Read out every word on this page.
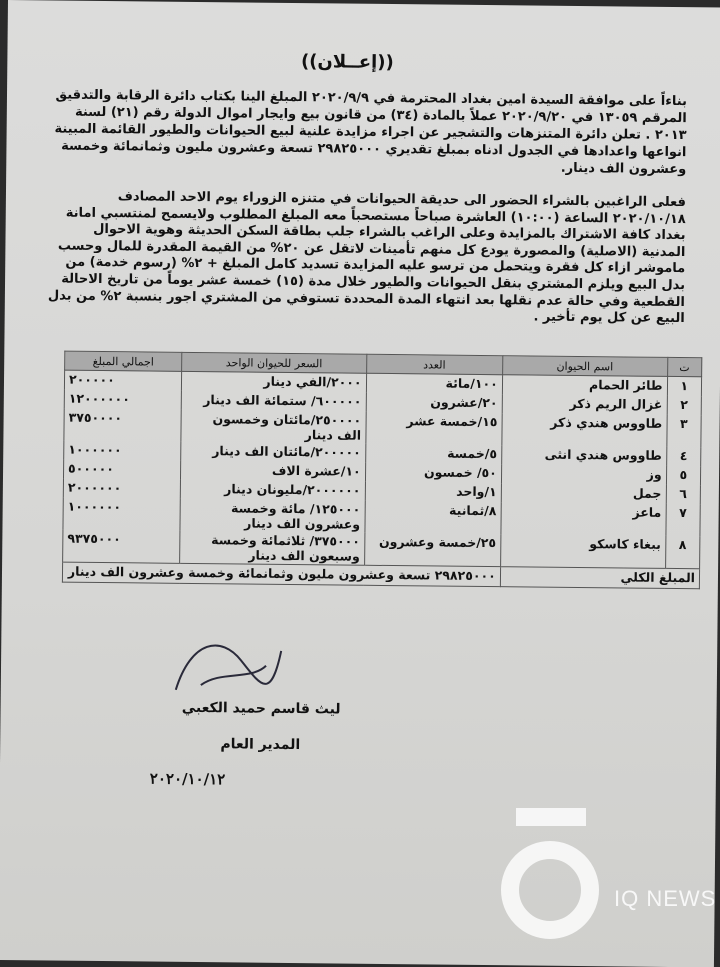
((إعــلان))
بناءاً على موافقة السيدة امين بغداد المحترمة في ٢٠٢٠/٩/٩ المبلغ الينا بكتاب دائرة الرقابة والتدقيق المرقم ١٣٠٥٩ في ٢٠٢٠/٩/٢٠ عملاً بالمادة (٣٤) من قانون بيع وايجار اموال الدولة رقم (٢١) لسنة ٢٠١٣ . تعلن دائرة المتنزهات والتشجير عن اجراء مزايدة علنية لبيع الحيوانات والطيور القائمة المبينة انواعها واعدادها في الجدول ادناه بمبلغ تقديري ٢٩٨٢٥٠٠٠ تسعة وعشرون مليون وثمانمائة وخمسة وعشرون الف دينار.
فعلى الراغبين بالشراء الحضور الى حديقة الحيوانات في متنزه الزوراء يوم الاحد المصادف ٢٠٢٠/١٠/١٨ الساعة (١٠:٠٠) العاشرة صباحاً مستصحباً معه المبلغ المطلوب ولايسمح لمنتسبي امانة بغداد كافة الاشتراك بالمزايدة وعلى الراغب بالشراء جلب بطاقة السكن الحديثة وهوية الاحوال المدنية (الاصلية) والمصورة يودع كل منهم تأمينات لاتقل عن ٢٠% من القيمة المقدرة للمال وحسب ماموشر ازاء كل فقرة ويتحمل من ترسو عليه المزايدة تسديد كامل المبلغ + ٢% (رسوم خدمة) من بدل البيع ويلزم المشتري بنقل الحيوانات والطيور خلال مدة (١٥) خمسة عشر يوماً من تاريخ الاحالة القطعية وفي حالة عدم نقلها بعد انتهاء المدة المحددة تستوفي من المشتري اجور بنسبة ٢% من بدل البيع عن كل يوم تأخير .
ت	اسم الحيوان	العدد	السعر للحيوان الواحد	اجمالي المبلغ
١	طائر الحمام	١٠٠/مائة	٢٠٠٠/الفي دينار	٢٠٠٠٠٠
٢	غزال الريم ذكر	٢٠/عشرون	٦٠٠٠٠٠/ ستمائة الف دينار	١٢٠٠٠٠٠٠
٣	طاووس هندي ذكر	١٥/خمسة عشر	٢٥٠٠٠٠/مائتان وخمسون الف دينار	٣٧٥٠٠٠٠
٤	طاووس هندي انثى	٥/خمسة	٢٠٠٠٠٠/مائتان الف دينار	١٠٠٠٠٠٠
٥	وز	٥٠/ خمسون	١٠/عشرة الاف	٥٠٠٠٠٠
٦	جمل	١/واحد	٢٠٠٠٠٠٠/مليونان دينار	٢٠٠٠٠٠٠
٧	ماعز	٨/ثمانية	١٢٥٠٠٠/ مائة وخمسة وعشرون الف دينار	١٠٠٠٠٠٠
٨	ببغاء كاسكو	٢٥/خمسة وعشرون	٣٧٥٠٠٠/ ثلاثمائة وخمسة وسبعون الف دينار	٩٣٧٥٠٠٠
المبلغ الكلي		٢٩٨٢٥٠٠٠ تسعة وعشرون مليون وثمانمائة وخمسة وعشرون الف دينار		
ليث قاسم حميد الكعبي
المدير العام
٢٠٢٠/١٠/١٢
IQ NEWS
